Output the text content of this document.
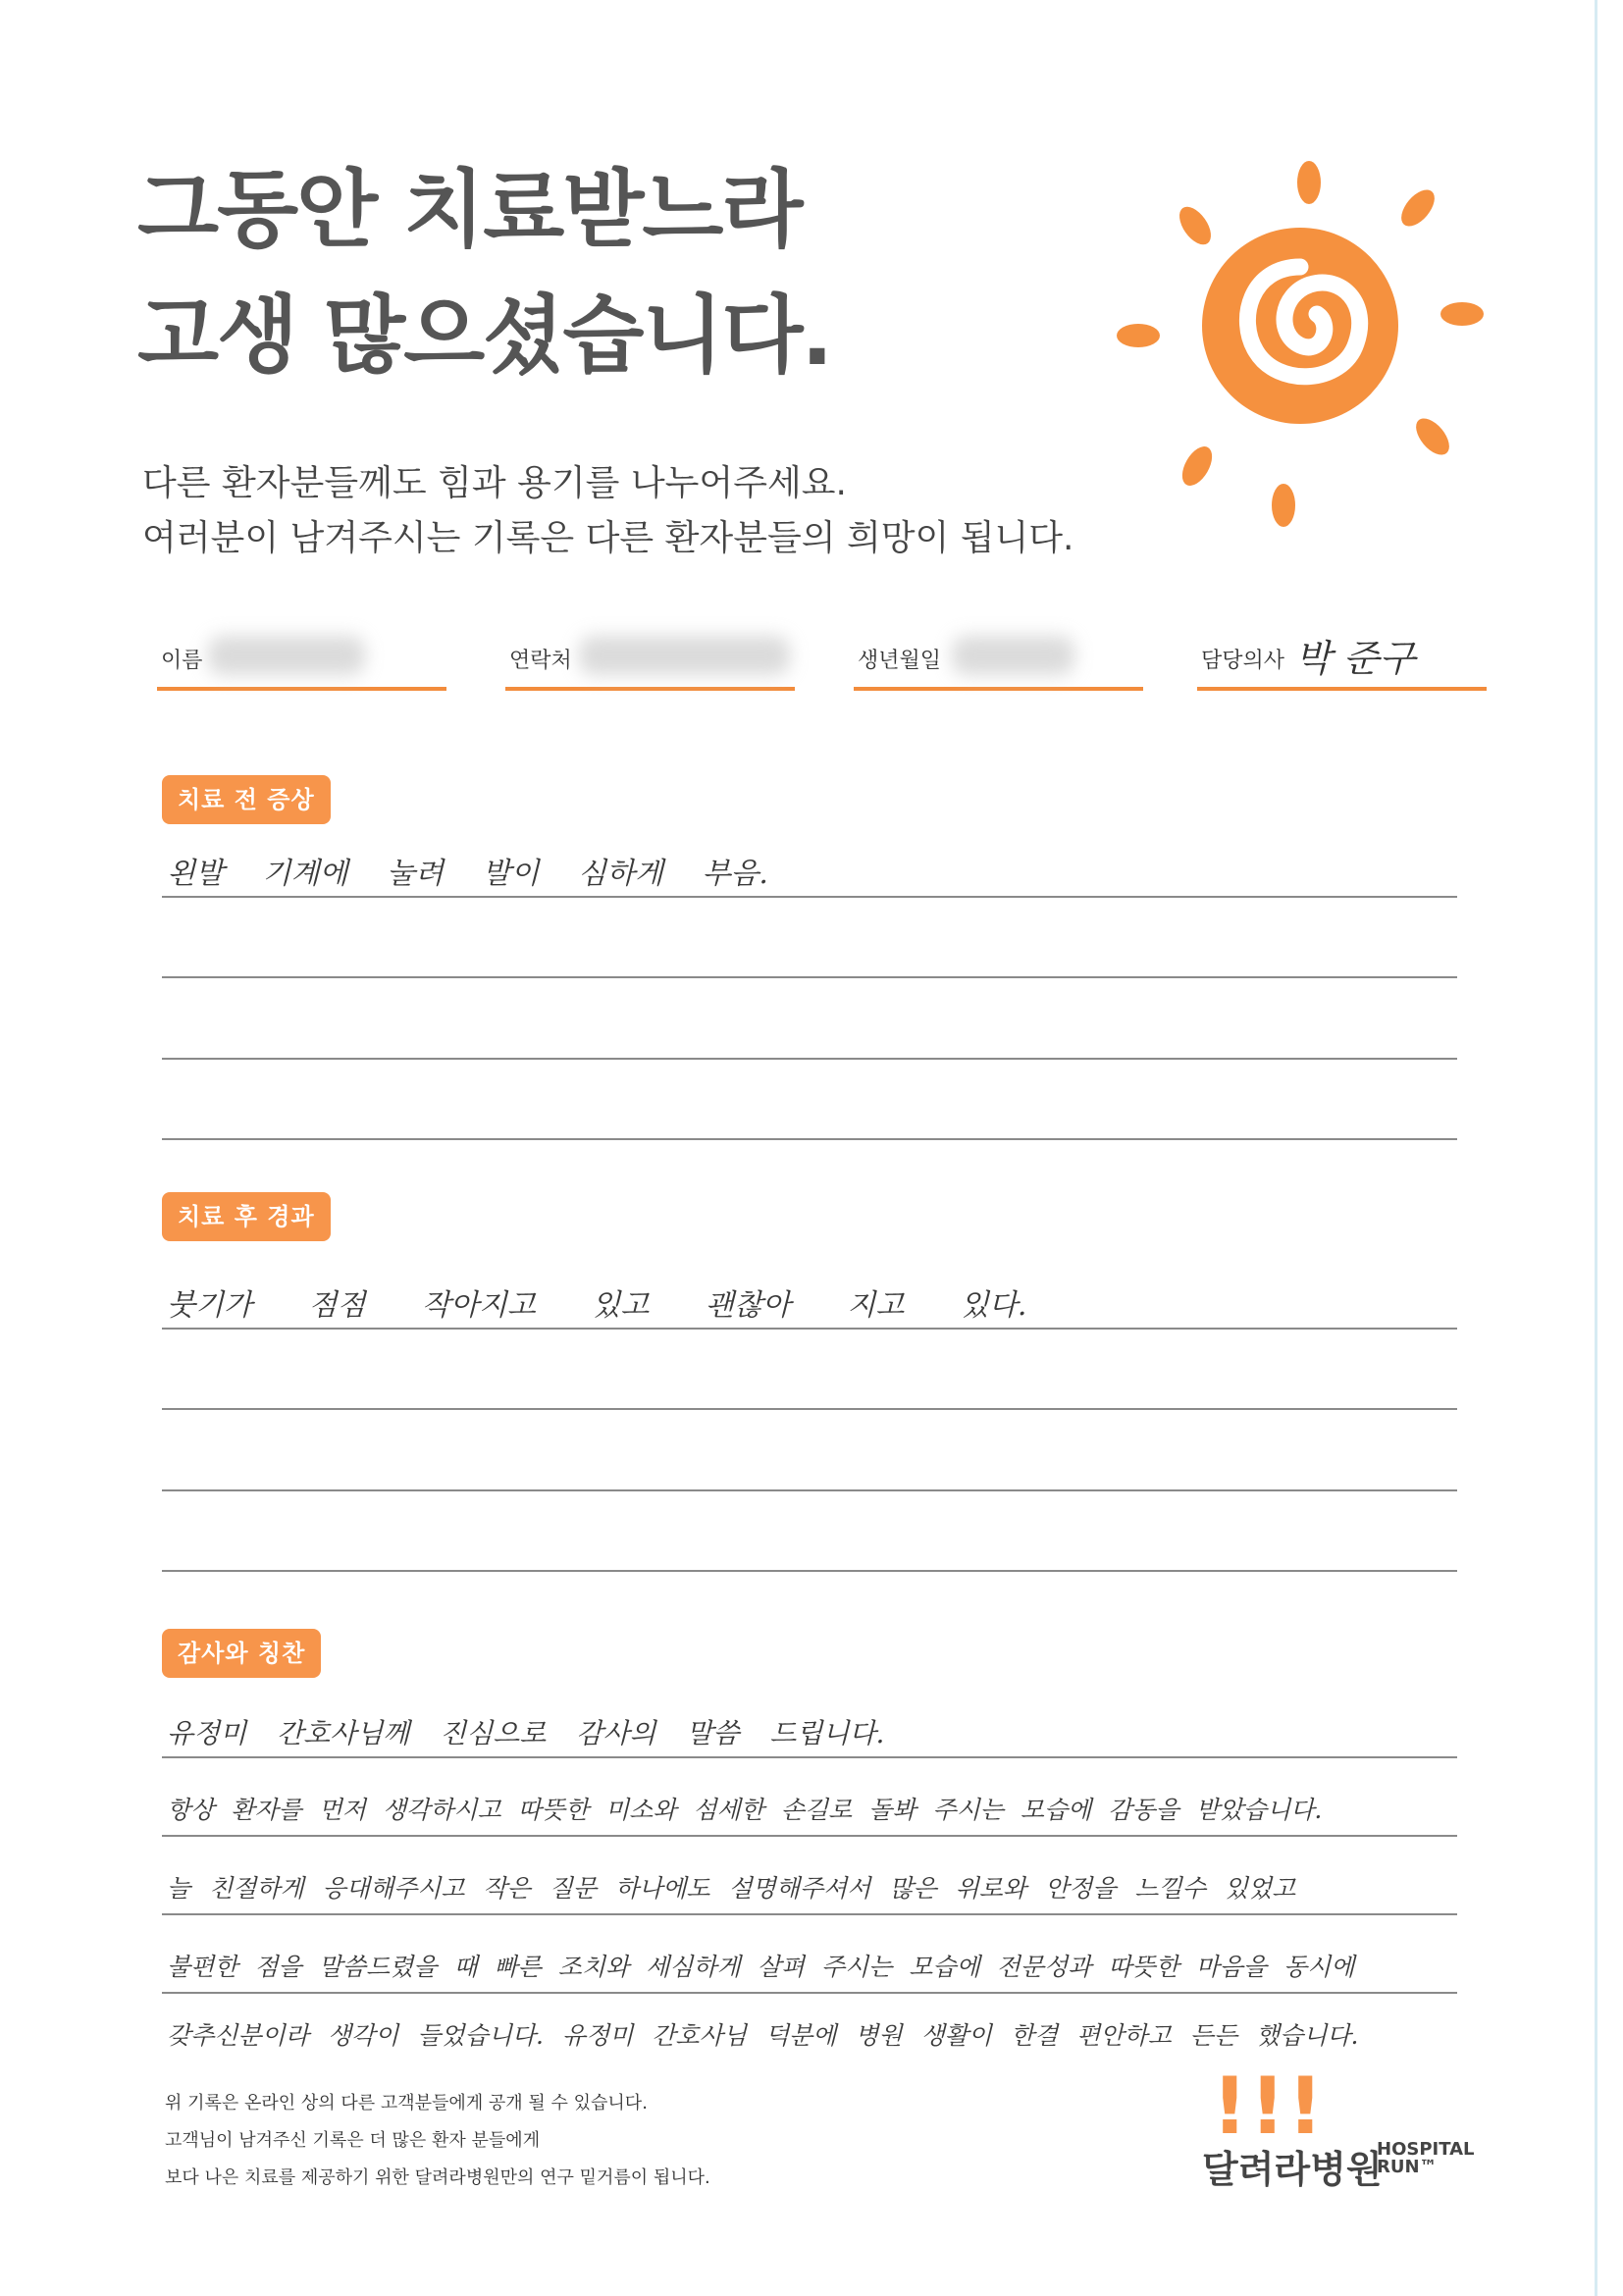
그동안 치료받느라
고생 많으셨습니다.
다른 환자분들께도 힘과 용기를 나누어주세요.
여러분이 남겨주시는 기록은 다른 환자분들의 희망이 됩니다.
이름	연락처	생년월일	담당의사 박 준구
치료 전 증상
왼발 기계에 눌려 발이 심하게 부음.
치료 후 경과
붓기가 점점 작아지고 있고 괜찮아 지고 있다.
감사와 칭찬
유정미 간호사님께 진심으로 감사의 말씀 드립니다.
항상 환자를 먼저 생각하시고 따뜻한 미소와 섬세한 손길로 돌봐 주시는 모습에 감동을 받았습니다.
늘 친절하게 응대해주시고 작은 질문 하나에도 설명해주셔서 많은 위로와 안정을 느낄수 있었고
불편한 점을 말씀드렸을 때 빠른 조치와 세심하게 살펴 주시는 모습에 전문성과 따뜻한 마음을 동시에
갖추신분이라 생각이 들었습니다. 유정미 간호사님 덕분에 병원 생활이 한결 편안하고 든든 했습니다.
위 기록은 온라인 상의 다른 고객분들에게 공개 될 수 있습니다.
고객님이 남겨주신 기록은 더 많은 환자 분들에게
보다 나은 치료를 제공하기 위한 달려라병원만의 연구 밑거름이 됩니다.
!!!
달려라병원
HOSPITAL
RUN™
